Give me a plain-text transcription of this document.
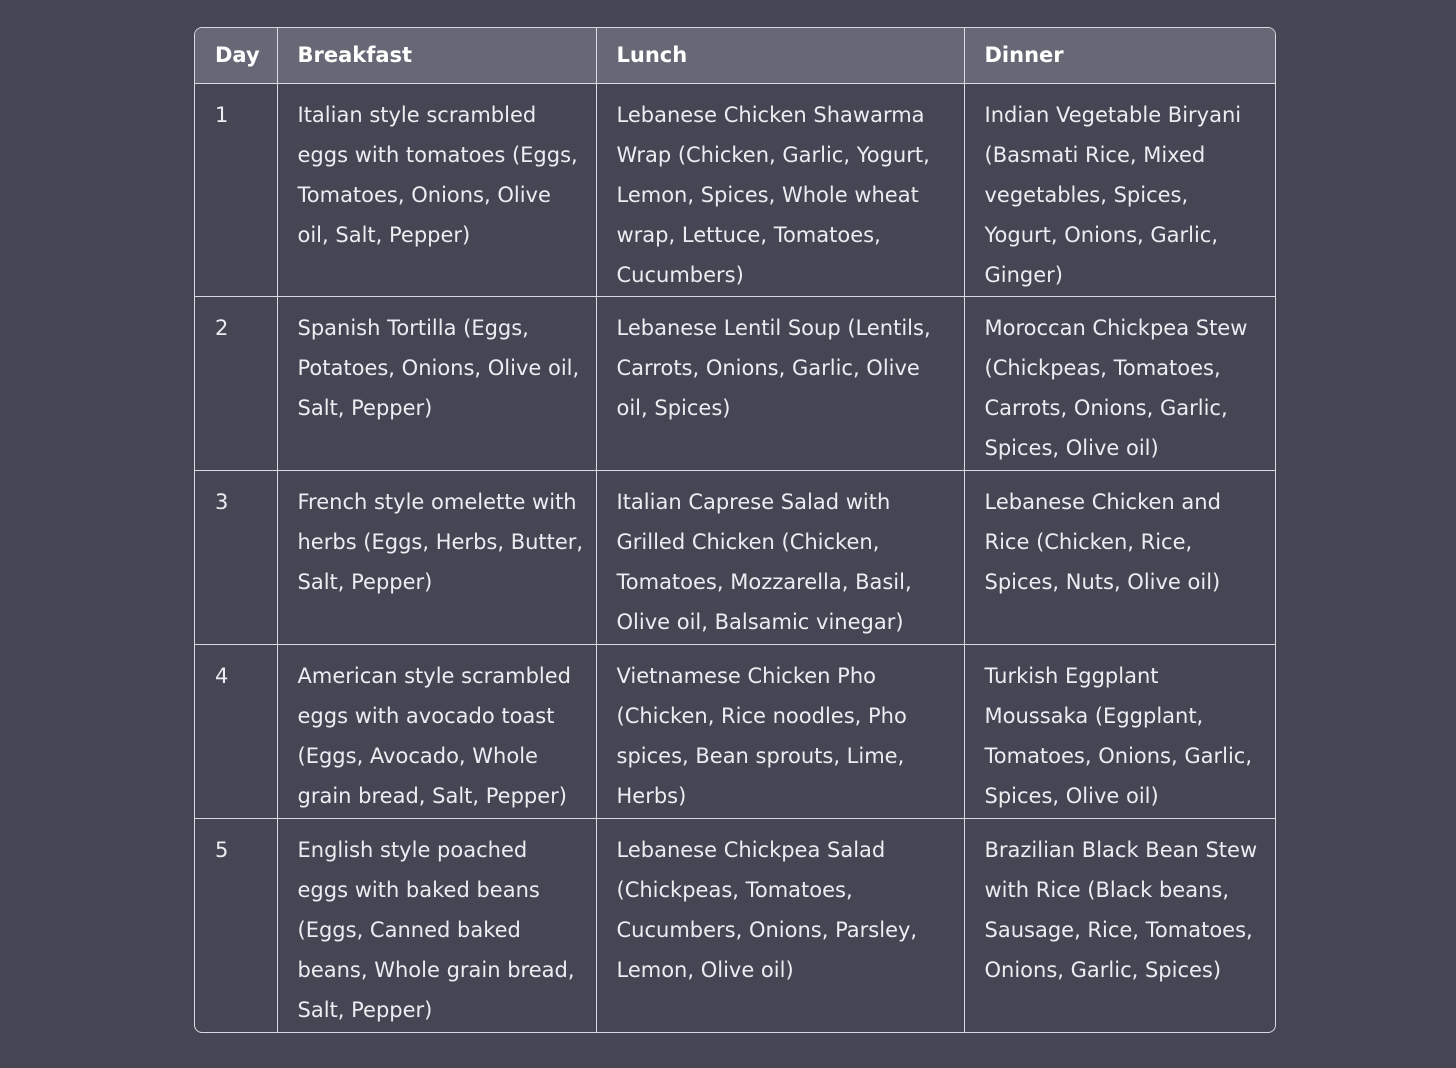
Day	Breakfast	Lunch	Dinner
1	Italian style scrambled eggs with tomatoes (Eggs, Tomatoes, Onions, Olive oil, Salt, Pepper)	Lebanese Chicken Shawarma Wrap (Chicken, Garlic, Yogurt, Lemon, Spices, Whole wheat wrap, Lettuce, Tomatoes, Cucumbers)	Indian Vegetable Biryani (Basmati Rice, Mixed vegetables, Spices, Yogurt, Onions, Garlic, Ginger)
2	Spanish Tortilla (Eggs, Potatoes, Onions, Olive oil, Salt, Pepper)	Lebanese Lentil Soup (Lentils, Carrots, Onions, Garlic, Olive oil, Spices)	Moroccan Chickpea Stew (Chickpeas, Tomatoes, Carrots, Onions, Garlic, Spices, Olive oil)
3	French style omelette with herbs (Eggs, Herbs, Butter, Salt, Pepper)	Italian Caprese Salad with Grilled Chicken (Chicken, Tomatoes, Mozzarella, Basil, Olive oil, Balsamic vinegar)	Lebanese Chicken and Rice (Chicken, Rice, Spices, Nuts, Olive oil)
4	American style scrambled eggs with avocado toast (Eggs, Avocado, Whole grain bread, Salt, Pepper)	Vietnamese Chicken Pho (Chicken, Rice noodles, Pho spices, Bean sprouts, Lime, Herbs)	Turkish Eggplant Moussaka (Eggplant, Tomatoes, Onions, Garlic, Spices, Olive oil)
5	English style poached eggs with baked beans (Eggs, Canned baked beans, Whole grain bread, Salt, Pepper)	Lebanese Chickpea Salad (Chickpeas, Tomatoes, Cucumbers, Onions, Parsley, Lemon, Olive oil)	Brazilian Black Bean Stew with Rice (Black beans, Sausage, Rice, Tomatoes, Onions, Garlic, Spices)
